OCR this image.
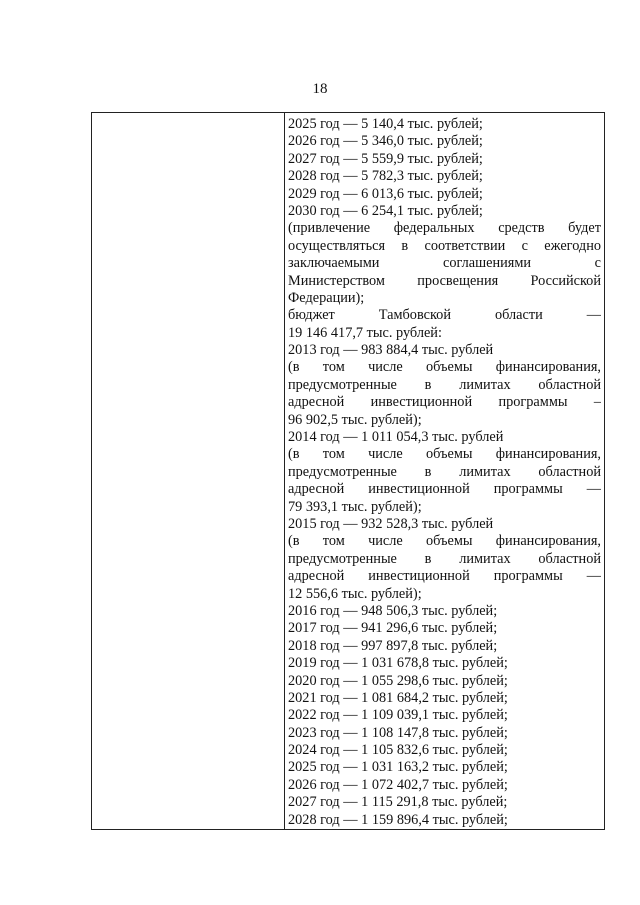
18
2025 год — 5 140,4 тыс. рублей;
2026 год — 5 346,0 тыс. рублей;
2027 год — 5 559,9 тыс. рублей;
2028 год — 5 782,3 тыс. рублей;
2029 год — 6 013,6 тыс. рублей;
2030 год — 6 254,1 тыс. рублей;
(привлечение федеральных средств будет
осуществляться в соответствии с ежегодно
заключаемыми соглашениями с
Министерством просвещения Российской
Федерации);
бюджет Тамбовской области —
19 146 417,7 тыс. рублей:
2013 год — 983 884,4 тыс. рублей
(в том числе объемы финансирования,
предусмотренные в лимитах областной
адресной инвестиционной программы –
96 902,5 тыс. рублей);
2014 год — 1 011 054,3 тыс. рублей
(в том числе объемы финансирования,
предусмотренные в лимитах областной
адресной инвестиционной программы —
79 393,1 тыс. рублей);
2015 год — 932 528,3 тыс. рублей
(в том числе объемы финансирования,
предусмотренные в лимитах областной
адресной инвестиционной программы —
12 556,6 тыс. рублей);
2016 год — 948 506,3 тыс. рублей;
2017 год — 941 296,6 тыс. рублей;
2018 год — 997 897,8 тыс. рублей;
2019 год — 1 031 678,8 тыс. рублей;
2020 год — 1 055 298,6 тыс. рублей;
2021 год — 1 081 684,2 тыс. рублей;
2022 год — 1 109 039,1 тыс. рублей;
2023 год — 1 108 147,8 тыс. рублей;
2024 год — 1 105 832,6 тыс. рублей;
2025 год — 1 031 163,2 тыс. рублей;
2026 год — 1 072 402,7 тыс. рублей;
2027 год — 1 115 291,8 тыс. рублей;
2028 год — 1 159 896,4 тыс. рублей;
